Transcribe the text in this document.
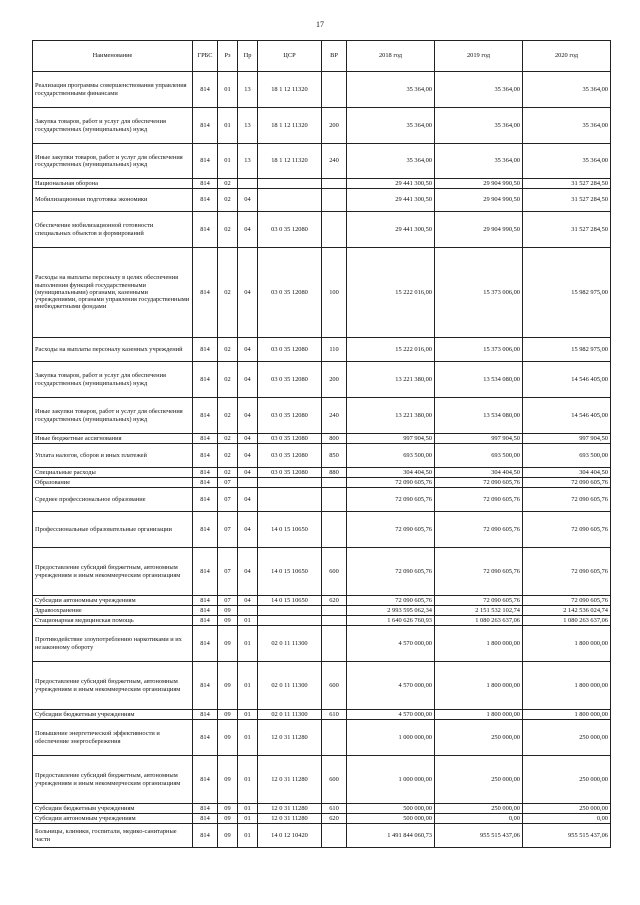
17
Наименование	ГРБС	Рз	Пр	ЦСР	ВР	2018 год	2019 год	2020 год
Реализация программы совершенствования управления государственными финансами	814	01	13	18 1 12 11320		35 364,00	35 364,00	35 364,00
Закупка товаров, работ и услуг для обеспечения государственных (муниципальных) нужд	814	01	13	18 1 12 11320	200	35 364,00	35 364,00	35 364,00
Иные закупки товаров, работ и услуг для обеспечения государственных (муниципальных) нужд	814	01	13	18 1 12 11320	240	35 364,00	35 364,00	35 364,00
Национальная оборона	814	02				29 441 300,50	29 904 990,50	31 527 284,50
Мобилизационная подготовка экономики	814	02	04			29 441 300,50	29 904 990,50	31 527 284,50
Обеспечение мобилизационной готовности специальных объектов и формирований	814	02	04	03 0 35 12080		29 441 300,50	29 904 990,50	31 527 284,50
Расходы на выплаты персоналу в целях обеспечения выполнения функций государственными (муниципальными) органами, казенными учреждениями, органами управления государственными внебюджетными фондами	814	02	04	03 0 35 12080	100	15 222 016,00	15 373 006,00	15 982 975,00
Расходы на выплаты персоналу казенных учреждений	814	02	04	03 0 35 12080	110	15 222 016,00	15 373 006,00	15 982 975,00
Закупка товаров, работ и услуг для обеспечения государственных (муниципальных) нужд	814	02	04	03 0 35 12080	200	13 221 380,00	13 534 080,00	14 546 405,00
Иные закупки товаров, работ и услуг для обеспечения государственных (муниципальных) нужд	814	02	04	03 0 35 12080	240	13 221 380,00	13 534 080,00	14 546 405,00
Иные бюджетные ассигнования	814	02	04	03 0 35 12080	800	997 904,50	997 904,50	997 904,50
Уплата налогов, сборов и иных платежей	814	02	04	03 0 35 12080	850	693 500,00	693 500,00	693 500,00
Специальные расходы	814	02	04	03 0 35 12080	880	304 404,50	304 404,50	304 404,50
Образование	814	07				72 090 605,76	72 090 605,76	72 090 605,76
Среднее профессиональное образование	814	07	04			72 090 605,76	72 090 605,76	72 090 605,76
Профессиональные образовательные организации	814	07	04	14 0 15 10650		72 090 605,76	72 090 605,76	72 090 605,76
Предоставление субсидий бюджетным, автономным учреждениям и иным некоммерческим организациям	814	07	04	14 0 15 10650	600	72 090 605,76	72 090 605,76	72 090 605,76
Субсидии автономным учреждениям	814	07	04	14 0 15 10650	620	72 090 605,76	72 090 605,76	72 090 605,76
Здравоохранение	814	09				2 993 595 062,34	2 151 532 102,74	2 142 536 024,74
Стационарная медицинская помощь	814	09	01			1 640 626 760,93	1 080 263 637,06	1 080 263 637,06
Противодействие злоупотреблению наркотиками и их незаконному обороту	814	09	01	02 0 11 11300		4 570 000,00	1 800 000,00	1 800 000,00
Предоставление субсидий бюджетным, автономным учреждениям и иным некоммерческим организациям	814	09	01	02 0 11 11300	600	4 570 000,00	1 800 000,00	1 800 000,00
Субсидии бюджетным учреждениям	814	09	01	02 0 11 11300	610	4 570 000,00	1 800 000,00	1 800 000,00
Повышение энергетической эффективности и обеспечение энергосбережения	814	09	01	12 0 31 11280		1 000 000,00	250 000,00	250 000,00
Предоставление субсидий бюджетным, автономным учреждениям и иным некоммерческим организациям	814	09	01	12 0 31 11280	600	1 000 000,00	250 000,00	250 000,00
Субсидии бюджетным учреждениям	814	09	01	12 0 31 11280	610	500 000,00	250 000,00	250 000,00
Субсидии автономным учреждениям	814	09	01	12 0 31 11280	620	500 000,00	0,00	0,00
Больницы, клиники, госпитали, медико-санитарные части	814	09	01	14 0 12 10420		1 491 844 060,73	955 515 437,06	955 515 437,06
